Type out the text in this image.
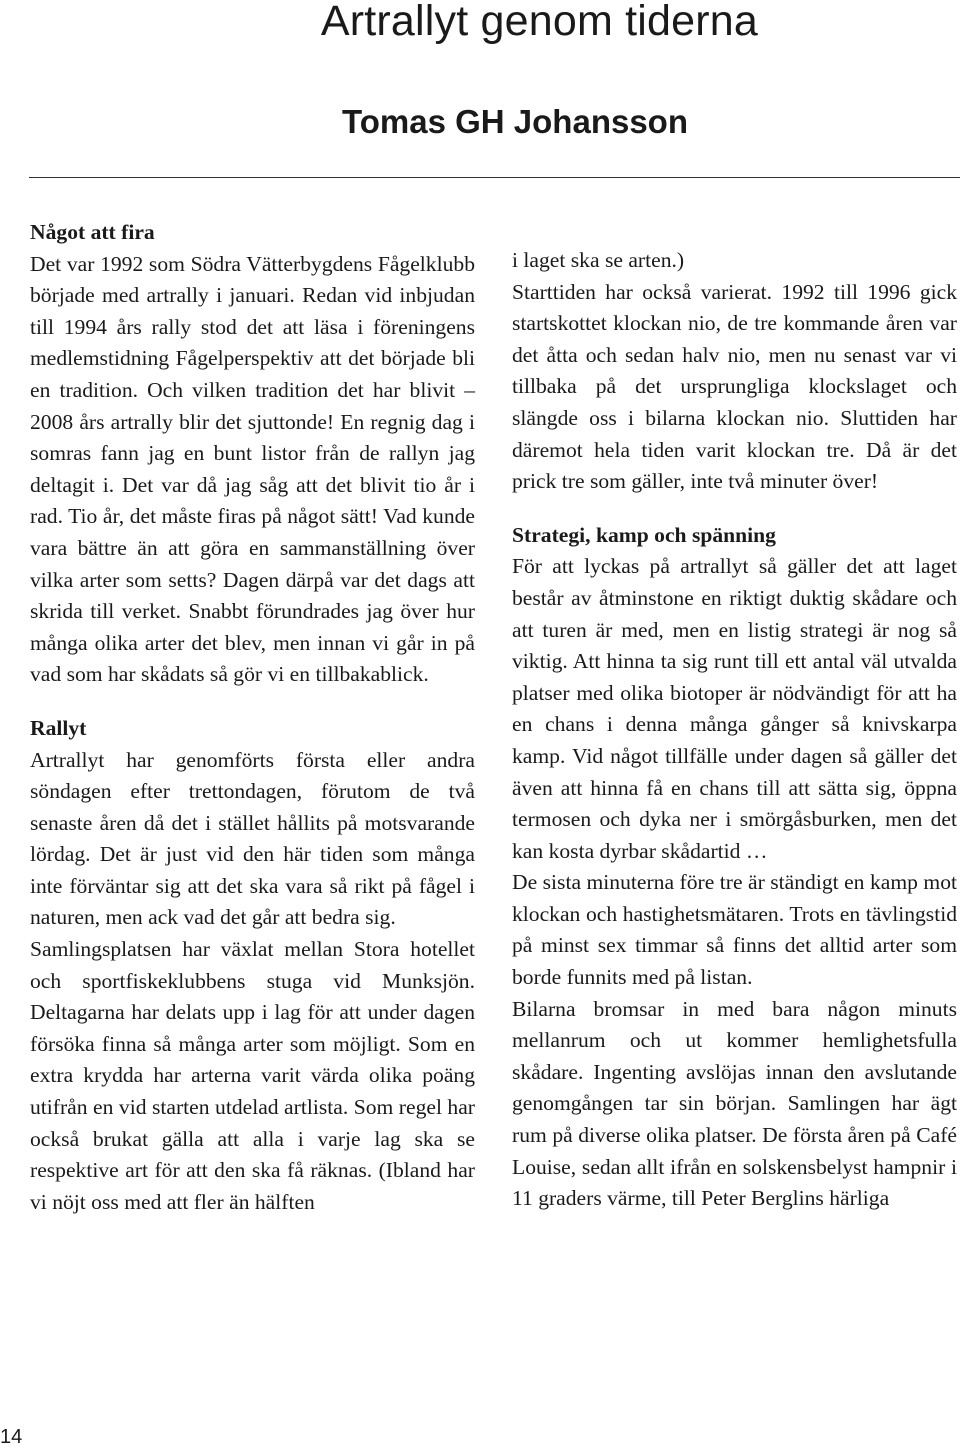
Artrallyt genom tiderna
Tomas GH Johansson
Något att fira

Det var 1992 som Södra Vätterbygdens Fågelklubb började med artrally i januari. Redan vid inbjudan till 1994 års rally stod det att läsa i föreningens medlemstidning Fågelperspektiv att det började bli en tradition. Och vilken tradition det har blivit – 2008 års artrally blir det sjuttonde! En regnig dag i somras fann jag en bunt listor från de rallyn jag deltagit i. Det var då jag såg att det blivit tio år i rad. Tio år, det måste firas på något sätt! Vad kunde vara bättre än att göra en sammanställning över vilka arter som setts? Dagen därpå var det dags att skrida till verket. Snabbt förundrades jag över hur många olika arter det blev, men innan vi går in på vad som har skådats så gör vi en tillbakablick.

Rallyt

Artrallyt har genomförts första eller andra söndagen efter trettondagen, förutom de två senaste åren då det i stället hållits på motsvarande lördag. Det är just vid den här tiden som många inte förväntar sig att det ska vara så rikt på fågel i naturen, men ack vad det går att bedra sig.

Samlingsplatsen har växlat mellan Stora hotellet och sportfiskeklubbens stuga vid Munksjön. Deltagarna har delats upp i lag för att under dagen försöka finna så många arter som möjligt. Som en extra krydda har arterna varit värda olika poäng utifrån en vid starten utdelad artlista. Som regel har också brukat gälla att alla i varje lag ska se respektive art för att den ska få räknas. (Ibland har vi nöjt oss med att fler än hälften

i laget ska se arten.)

Starttiden har också varierat. 1992 till 1996 gick startskottet klockan nio, de tre kommande åren var det åtta och sedan halv nio, men nu senast var vi tillbaka på det ursprungliga klockslaget och slängde oss i bilarna klockan nio. Sluttiden har däremot hela tiden varit klockan tre. Då är det prick tre som gäller, inte två minuter över!

Strategi, kamp och spänning

För att lyckas på artrallyt så gäller det att laget består av åtminstone en riktigt duktig skådare och att turen är med, men en listig strategi är nog så viktig. Att hinna ta sig runt till ett antal väl utvalda platser med olika biotoper är nödvändigt för att ha en chans i denna många gånger så knivskarpa kamp. Vid något tillfälle under dagen så gäller det även att hinna få en chans till att sätta sig, öppna termosen och dyka ner i smörgåsburken, men det kan kosta dyrbar skådartid …

De sista minuterna före tre är ständigt en kamp mot klockan och hastighetsmätaren. Trots en tävlingstid på minst sex timmar så finns det alltid arter som borde funnits med på listan.

Bilarna bromsar in med bara någon minuts mellanrum och ut kommer hemlighetsfulla skådare. Ingenting avslöjas innan den avslutande genomgången tar sin början. Samlingen har ägt rum på diverse olika platser. De första åren på Café Louise, sedan allt ifrån en solskensbelyst hampnir i 11 graders värme, till Peter Berglins härliga

14
